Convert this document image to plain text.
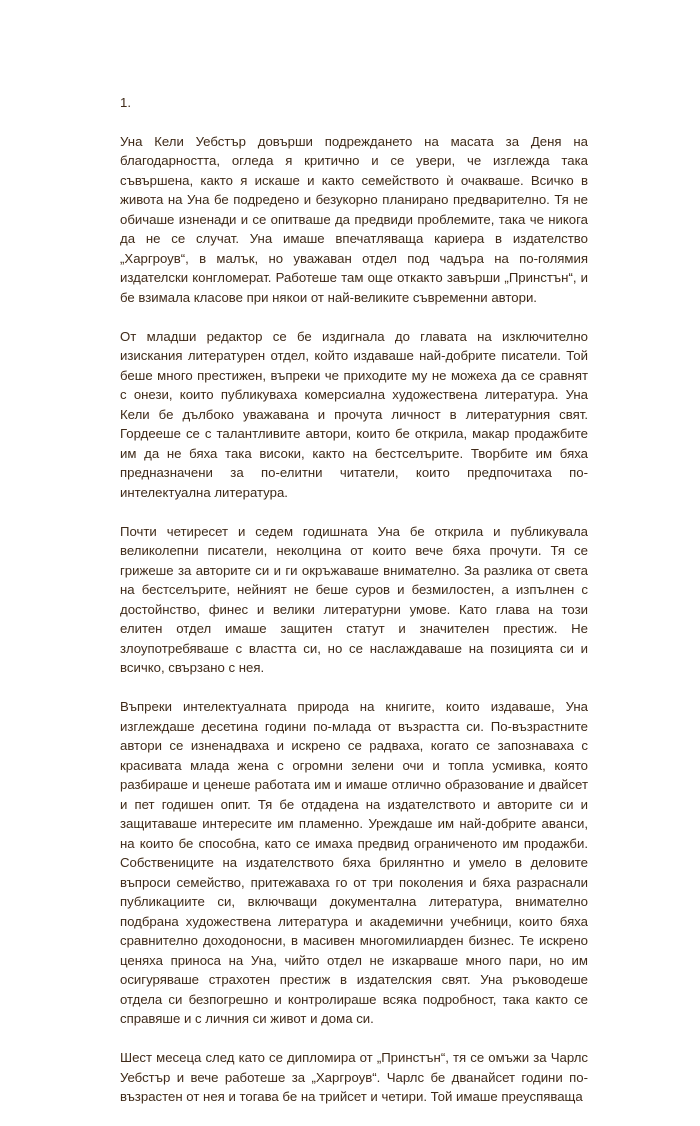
1.

Уна Кели Уебстър довърши подреждането на масата за Деня на благодарността, огледа я критично и се увери, че изглежда така съвършена, както я искаше и както семейството ѝ очакваше. Всичко в живота на Уна бе подредено и безукорно планирано предварително. Тя не обичаше изненади и се опитваше да предвиди проблемите, така че никога да не се случат. Уна имаше впечатляваща кариера в издателство „Харгроув“, в малък, но уважаван отдел под чадъра на по-голямия издателски конгломерат. Работеше там още откакто завърши „Принстън“, и бе взимала класове при някои от най-великите съвременни автори.

От младши редактор се бе издигнала до главата на изключително изискания литературен отдел, който издаваше най-добрите писатели. Той беше много престижен, въпреки че приходите му не можеха да се сравнят с онези, които публикуваха комерсиална художествена литература. Уна Кели бе дълбоко уважавана и прочута личност в литературния свят. Гордееше се с талантливите автори, които бе открила, макар продажбите им да не бяха така високи, както на бестселърите. Творбите им бяха предназначени за по-елитни читатели, които предпочитаха по-интелектуална литература.

Почти четиресет и седем годишната Уна бе открила и публикувала великолепни писатели, неколцина от които вече бяха прочути. Тя се грижеше за авторите си и ги окръжаваше внимателно. За разлика от света на бестселърите, нейният не беше суров и безмилостен, а изпълнен с достойнство, финес и велики литературни умове. Като глава на този елитен отдел имаше защитен статут и значителен престиж. Не злоупотребяваше с властта си, но се наслаждаваше на позицията си и всичко, свързано с нея.

Въпреки интелектуалната природа на книгите, които издаваше, Уна изглеждаше десетина години по-млада от възрастта си. По-възрастните автори се изненадваха и искрено се радваха, когато се запознаваха с красивата млада жена с огромни зелени очи и топла усмивка, която разбираше и ценеше работата им и имаше отлично образование и двайсет и пет годишен опит. Тя бе отдадена на издателството и авторите си и защитаваше интересите им пламенно. Уреждаше им най-добрите аванси, на които бе способна, като се имаха предвид ограниченото им продажби. Собствениците на издателството бяха брилянтно и умело в деловите въпроси семейство, притежаваха го от три поколения и бяха разраснали публикациите си, включващи документална литература, внимателно подбрана художествена литература и академични учебници, които бяха сравнително доходоносни, в масивен многомилиарден бизнес. Те искрено ценяха приноса на Уна, чийто отдел не изкарваше много пари, но им осигуряваше страхотен престиж в издателския свят. Уна ръководеше отдела си безпогрешно и контролираше всяка подробност, така както се справяше и с личния си живот и дома си.

Шест месеца след като се дипломира от „Принстън“, тя се омъжи за Чарлс Уебстър и вече работеше за „Харгроув“. Чарлс бе дванайсет години по-възрастен от нея и тогава бе на трийсет и четири. Той имаше преуспяваща
